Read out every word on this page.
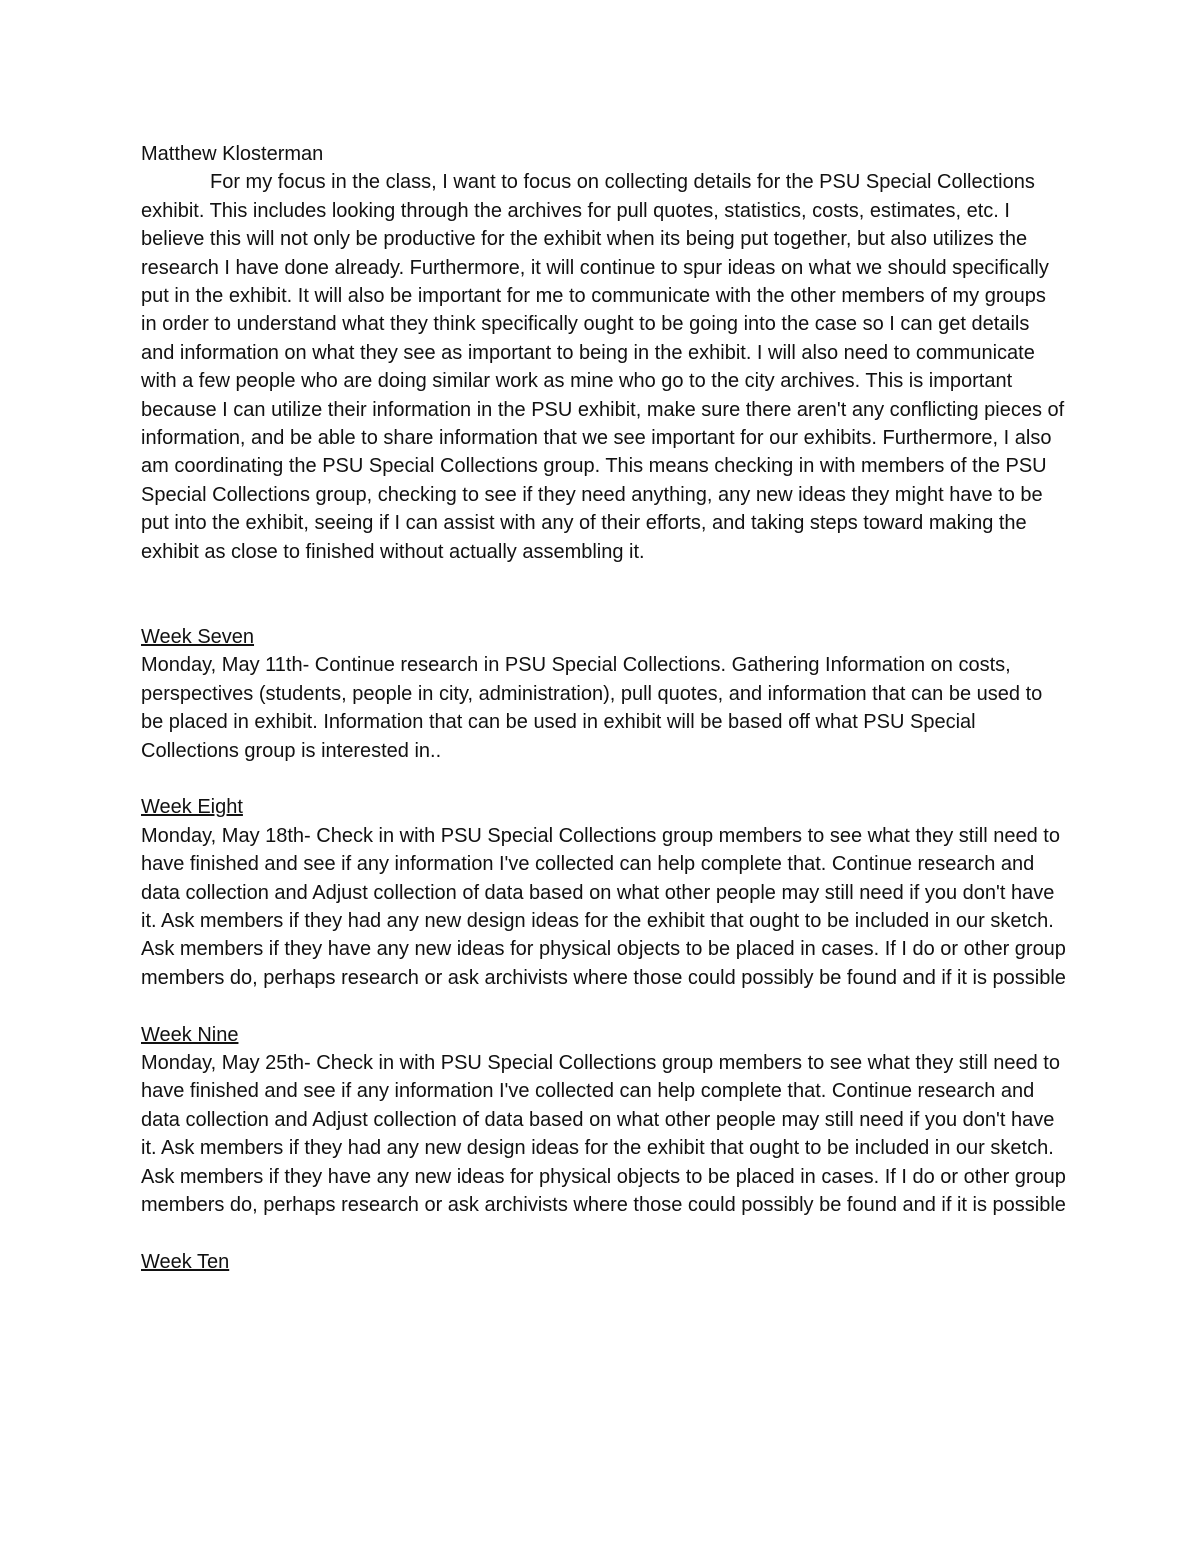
Matthew Klosterman

For my focus in the class, I want to focus on collecting details for the PSU Special Collections exhibit. This includes looking through the archives for pull quotes, statistics, costs, estimates, etc. I believe this will not only be productive for the exhibit when its being put together, but also utilizes the research I have done already. Furthermore, it will continue to spur ideas on what we should specifically put in the exhibit. It will also be important for me to communicate with the other members of my groups in order to understand what they think specifically ought to be going into the case so I can get details and information on what they see as important to being in the exhibit. I will also need to communicate with a few people who are doing similar work as mine who go to the city archives. This is important because I can utilize their information in the PSU exhibit, make sure there aren't any conflicting pieces of information, and be able to share information that we see important for our exhibits. Furthermore, I also am coordinating the PSU Special Collections group. This means checking in with members of the PSU Special Collections group, checking to see if they need anything, any new ideas they might have to be put into the exhibit, seeing if I can assist with any of their efforts, and taking steps toward making the exhibit as close to finished without actually assembling it.

Week Seven

Monday, May 11th- Continue research in PSU Special Collections. Gathering Information on costs, perspectives (students, people in city, administration), pull quotes, and information that can be used to be placed in exhibit. Information that can be used in exhibit will be based off what PSU Special Collections group is interested in..

Week Eight

Monday, May 18th- Check in with PSU Special Collections group members to see what they still need to have finished and see if any information I've collected can help complete that. Continue research and data collection and Adjust collection of data based on what other people may still need if you don't have it. Ask members if they had any new design ideas for the exhibit that ought to be included in our sketch. Ask members if they have any new ideas for physical objects to be placed in cases. If I do or other group members do, perhaps research or ask archivists where those could possibly be found and if it is possible

Week Nine

Monday, May 25th- Check in with PSU Special Collections group members to see what they still need to have finished and see if any information I've collected can help complete that. Continue research and data collection and Adjust collection of data based on what other people may still need if you don't have it. Ask members if they had any new design ideas for the exhibit that ought to be included in our sketch. Ask members if they have any new ideas for physical objects to be placed in cases. If I do or other group members do, perhaps research or ask archivists where those could possibly be found and if it is possible

Week Ten
